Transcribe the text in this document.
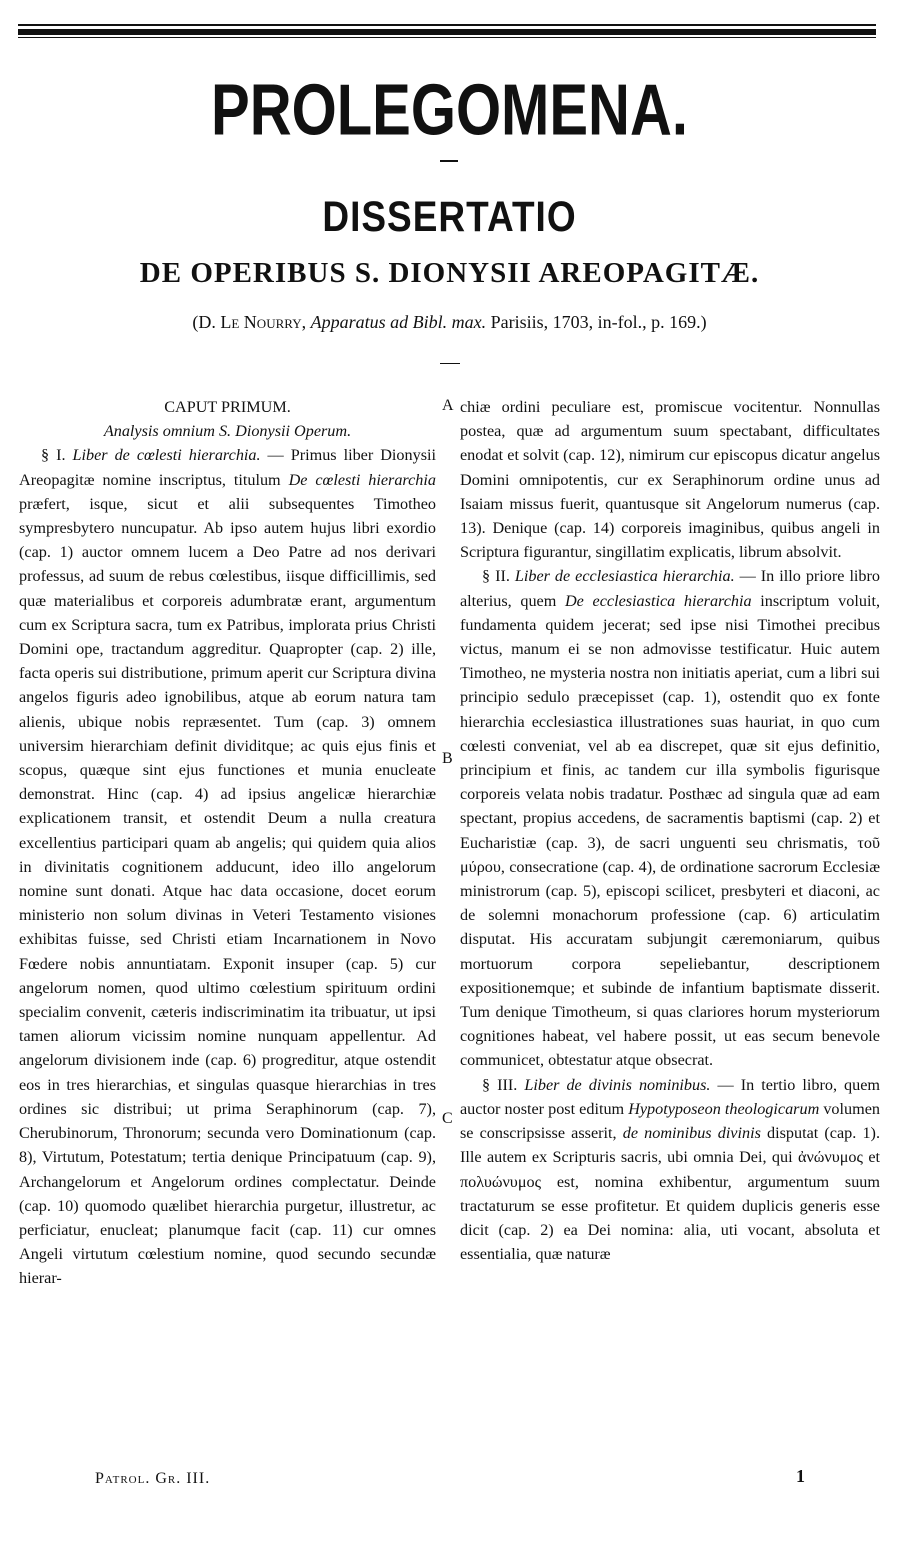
PROLEGOMENA.
DISSERTATIO
DE OPERIBUS S. DIONYSII AREOPAGITÆ.
(D. Le Nourry, Apparatus ad Bibl. max. Parisiis, 1703, in-fol., p. 169.)

CAPUT PRIMUM.

Analysis omnium S. Dionysii Operum.

§ I. Liber de cœlesti hierarchia. — Primus liber Dionysii Areopagitæ nomine inscriptus, titulum De cœlesti hierarchia præfert, isque, sicut et alii subsequentes Timotheo sympresbytero nuncupatur. Ab ipso autem hujus libri exordio (cap. 1) auctor omnem lucem a Deo Patre ad nos derivari professus, ad suum de rebus cœlestibus, iisque difficillimis, sed quæ materialibus et corporeis adumbratæ erant, argumentum cum ex Scriptura sacra, tum ex Patribus, implorata prius Christi Domini ope, tractandum aggreditur. Quapropter (cap. 2) ille, facta operis sui distributione, primum aperit cur Scriptura divina angelos figuris adeo ignobilibus, atque ab eorum natura tam alienis, ubique nobis repræsentet. Tum (cap. 3) omnem universim hierarchiam definit dividitque; ac quis ejus finis et scopus, quæque sint ejus functiones et munia enucleate demonstrat. Hinc (cap. 4) ad ipsius angelicæ hierarchiæ explicationem transit, et ostendit Deum a nulla creatura excellentius participari quam ab angelis; qui quidem quia alios in divinitatis cognitionem adducunt, ideo illo angelorum nomine sunt donati. Atque hac data occasione, docet eorum ministerio non solum divinas in Veteri Testamento visiones exhibitas fuisse, sed Christi etiam Incarnationem in Novo Fœdere nobis annuntiatam. Exponit insuper (cap. 5) cur angelorum nomen, quod ultimo cœlestium spirituum ordini specialim convenit, cæteris indiscriminatim ita tribuatur, ut ipsi tamen aliorum vicissim nomine nunquam appellentur. Ad angelorum divisionem inde (cap. 6) progreditur, atque ostendit eos in tres hierarchias, et singulas quasque hierarchias in tres ordines sic distribui; ut prima Seraphinorum (cap. 7), Cherubinorum, Thronorum; secunda vero Dominationum (cap. 8), Virtutum, Potestatum; tertia denique Principatuum (cap. 9), Archangelorum et Angelorum ordines complectatur. Deinde (cap. 10) quomodo quælibet hierarchia purgetur, illustretur, ac perficiatur, enucleat; planumque facit (cap. 11) cur omnes Angeli virtutum cœlestium nomine, quod secundo secundæ hierar-

chiæ ordini peculiare est, promiscue vocitentur. Nonnullas postea, quæ ad argumentum suum spectabant, difficultates enodat et solvit (cap. 12), nimirum cur episcopus dicatur angelus Domini omnipotentis, cur ex Seraphinorum ordine unus ad Isaiam missus fuerit, quantusque sit Angelorum numerus (cap. 13). Denique (cap. 14) corporeis imaginibus, quibus angeli in Scriptura figurantur, singillatim explicatis, librum absolvit.

§ II. Liber de ecclesiastica hierarchia. — In illo priore libro alterius, quem De ecclesiastica hierarchia inscriptum voluit, fundamenta quidem jecerat; sed ipse nisi Timothei precibus victus, manum ei se non admovisse testificatur. Huic autem Timotheo, ne mysteria nostra non initiatis aperiat, cum a libri sui principio sedulo præcepisset (cap. 1), ostendit quo ex fonte hierarchia ecclesiastica illustrationes suas hauriat, in quo cum cœlesti conveniat, vel ab ea discrepet, quæ sit ejus definitio, principium et finis, ac tandem cur illa symbolis figurisque corporeis velata nobis tradatur. Posthæc ad singula quæ ad eam spectant, propius accedens, de sacramentis baptismi (cap. 2) et Eucharistiæ (cap. 3), de sacri unguenti seu chrismatis, τοῦ μύρου, consecratione (cap. 4), de ordinatione sacrorum Ecclesiæ ministrorum (cap. 5), episcopi scilicet, presbyteri et diaconi, ac de solemni monachorum professione (cap. 6) articulatim disputat. His accuratam subjungit cæremoniarum, quibus mortuorum corpora sepeliebantur, descriptionem expositionemque; et subinde de infantium baptismate disserit. Tum denique Timotheum, si quas clariores horum mysteriorum cognitiones habeat, vel habere possit, ut eas secum benevole communicet, obtestatur atque obsecrat.

§ III. Liber de divinis nominibus. — In tertio libro, quem auctor noster post editum Hypotyposeon theologicarum volumen se conscripsisse asserit, de nominibus divinis disputat (cap. 1). Ille autem ex Scripturis sacris, ubi omnia Dei, qui ἀνώνυμος et πολυώνυμος est, nomina exhibentur, argumentum suum tractaturum se esse profitetur. Et quidem duplicis generis esse dicit (cap. 2) ea Dei nomina: alia, uti vocant, absoluta et essentialia, quæ naturæ

A
B
C
Patrol. Gr. III.	1
